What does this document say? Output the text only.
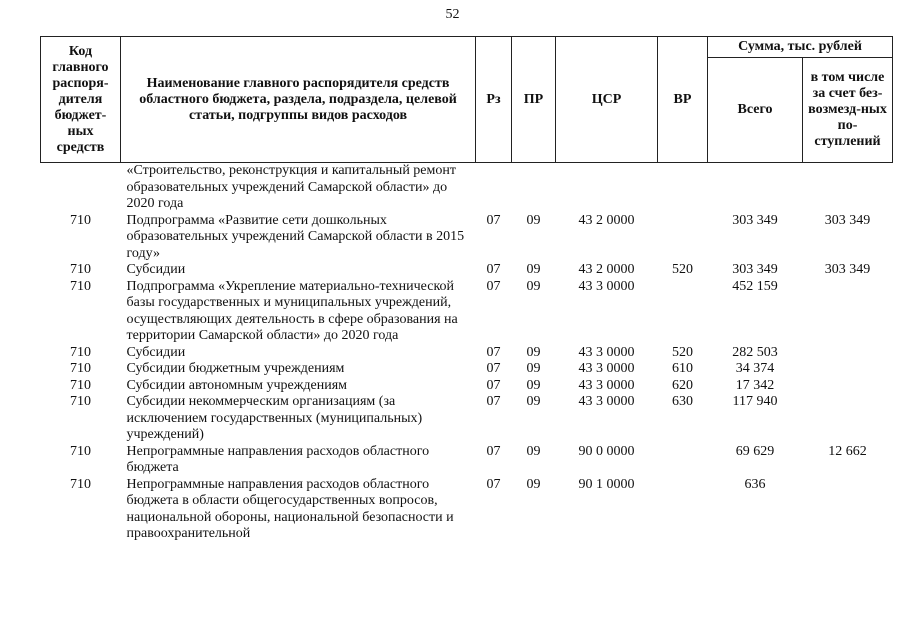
52
Код главного распоря-дителя бюджет-ных средств	Наименование главного распорядителя средств областного бюджета, раздела, подраздела, целевой статьи, подгруппы видов расходов	Рз	ПР	ЦСР	ВР	Сумма, тыс. рублей	
						Всего	в том числе за счет без-возмезд-ных по-ступлений
	«Строительство, реконструкция и капитальный ремонт образовательных учреждений Самарской области» до 2020 года						
710	Подпрограмма «Развитие сети дошкольных образовательных учреждений Самарской области в 2015 году»	07	09	43 2 0000		303 349	303 349
710	Субсидии	07	09	43 2 0000	520	303 349	303 349
710	Подпрограмма «Укрепление материально-технической базы государственных и муниципальных учреждений, осуществляющих деятельность в сфере образования на территории Самарской области» до 2020 года	07	09	43 3 0000		452 159	
710	Субсидии	07	09	43 3 0000	520	282 503	
710	Субсидии бюджетным учреждениям	07	09	43 3 0000	610	34 374	
710	Субсидии автономным учреждениям	07	09	43 3 0000	620	17 342	
710	Субсидии некоммерческим организациям (за исключением государственных (муниципальных) учреждений)	07	09	43 3 0000	630	117 940	
710	Непрограммные направления расходов областного бюджета	07	09	90 0 0000		69 629	12 662
710	Непрограммные направления расходов областного бюджета в области общегосударственных вопросов, национальной обороны, национальной безопасности и правоохранительной	07	09	90 1 0000		636	
